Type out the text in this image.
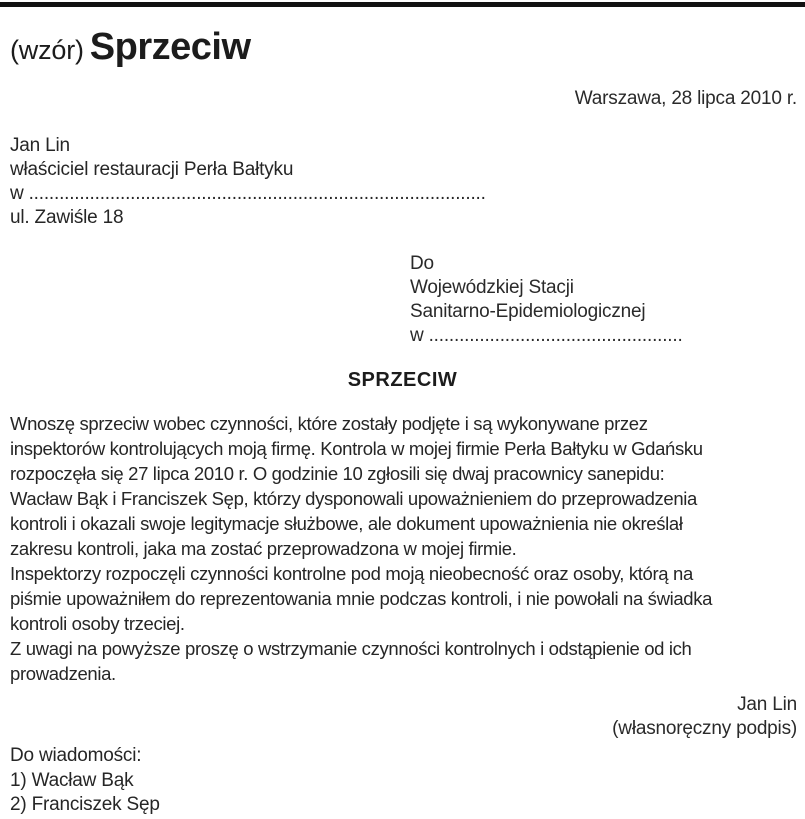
(wzór) Sprzeciw
Warszawa, 28 lipca 2010 r.
Jan Lin
właściciel restauracji Perła Bałtyku
w ..........................................................................................
ul. Zawiśle 18
Do
Wojewódzkiej Stacji
Sanitarno-Epidemiologicznej
w ..................................................
SPRZECIW
Wnoszę sprzeciw wobec czynności, które zostały podjęte i są wykonywane przez
inspektorów kontrolujących moją firmę. Kontrola w mojej firmie Perła Bałtyku w Gdańsku
rozpoczęła się 27 lipca 2010 r. O godzinie 10 zgłosili się dwaj pracownicy sanepidu:
Wacław Bąk i Franciszek Sęp, którzy dysponowali upoważnieniem do przeprowadzenia
kontroli i okazali swoje legitymacje służbowe, ale dokument upoważnienia nie określał
zakresu kontroli, jaka ma zostać przeprowadzona w mojej firmie.
Inspektorzy rozpoczęli czynności kontrolne pod moją nieobecność oraz osoby, którą na
piśmie upoważniłem do reprezentowania mnie podczas kontroli, i nie powołali na świadka
kontroli osoby trzeciej.
Z uwagi na powyższe proszę o wstrzymanie czynności kontrolnych i odstąpienie od ich
prowadzenia.
Jan Lin
(własnoręczny podpis)
Do wiadomości:
1) Wacław Bąk
2) Franciszek Sęp
